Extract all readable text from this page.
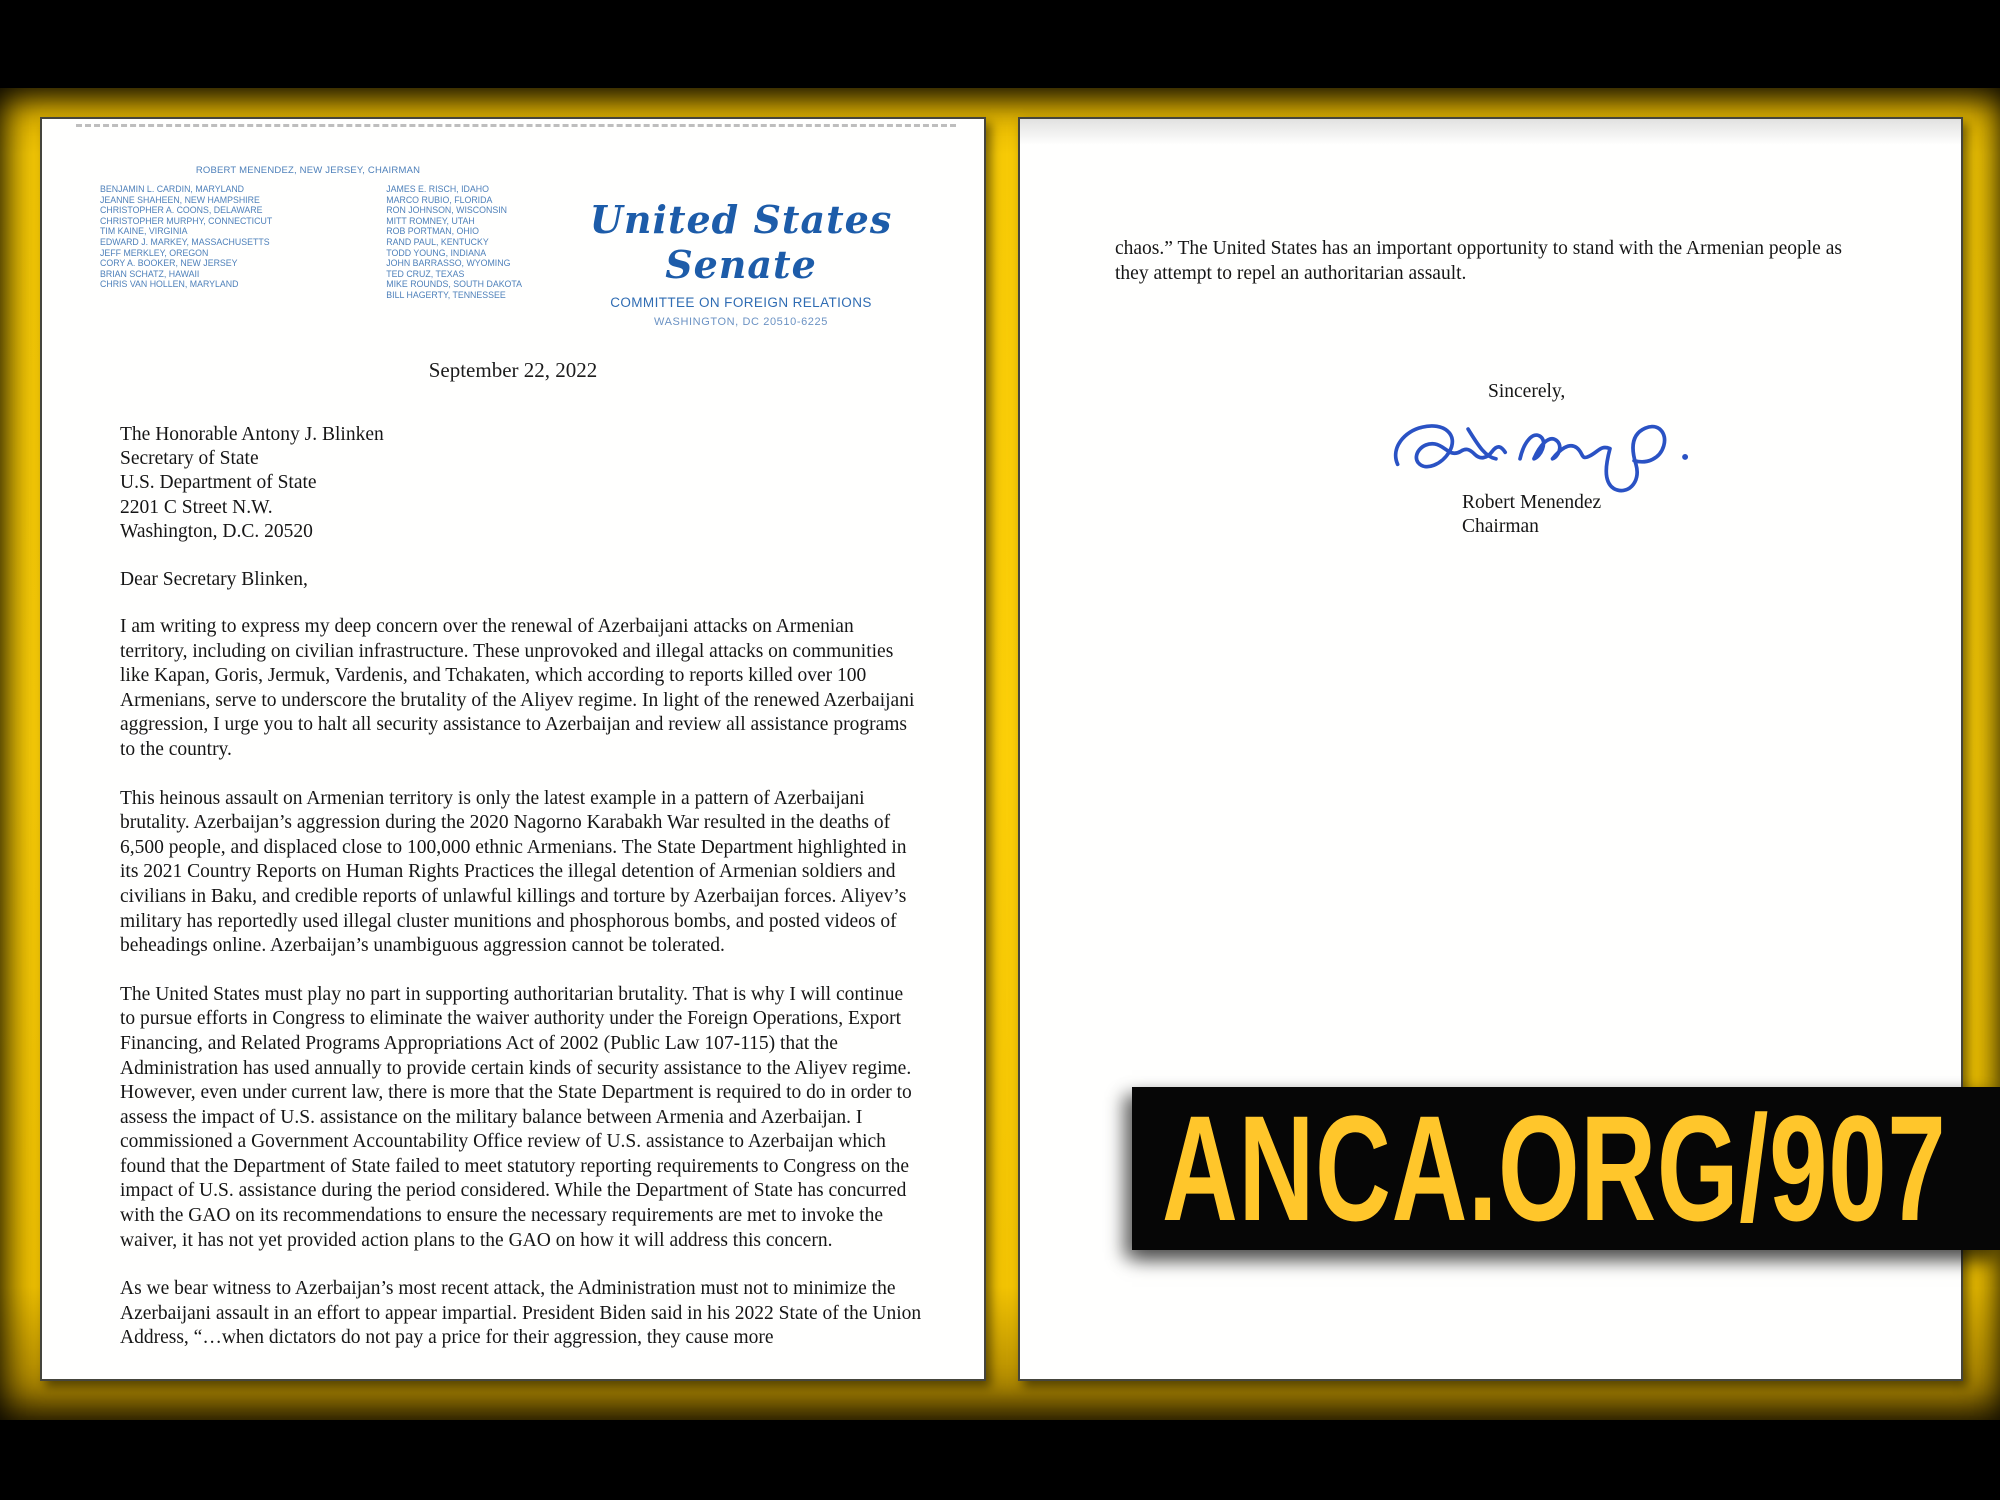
ROBERT MENENDEZ, NEW JERSEY, CHAIRMAN
BENJAMIN L. CARDIN, MARYLAND
JEANNE SHAHEEN, NEW HAMPSHIRE
CHRISTOPHER A. COONS, DELAWARE
CHRISTOPHER MURPHY, CONNECTICUT
TIM KAINE, VIRGINIA
EDWARD J. MARKEY, MASSACHUSETTS
JEFF MERKLEY, OREGON
CORY A. BOOKER, NEW JERSEY
BRIAN SCHATZ, HAWAII
CHRIS VAN HOLLEN, MARYLAND
JAMES E. RISCH, IDAHO
MARCO RUBIO, FLORIDA
RON JOHNSON, WISCONSIN
MITT ROMNEY, UTAH
ROB PORTMAN, OHIO
RAND PAUL, KENTUCKY
TODD YOUNG, INDIANA
JOHN BARRASSO, WYOMING
TED CRUZ, TEXAS
MIKE ROUNDS, SOUTH DAKOTA
BILL HAGERTY, TENNESSEE
United States Senate
COMMITTEE ON FOREIGN RELATIONS
WASHINGTON, DC 20510-6225
September 22, 2022
The Honorable Antony J. Blinken
Secretary of State
U.S. Department of State
2201 C Street N.W.
Washington, D.C. 20520
Dear Secretary Blinken,

I am writing to express my deep concern over the renewal of Azerbaijani attacks on Armenian territory, including on civilian infrastructure. These unprovoked and illegal attacks on communities like Kapan, Goris, Jermuk, Vardenis, and Tchakaten, which according to reports killed over 100 Armenians, serve to underscore the brutality of the Aliyev regime. In light of the renewed Azerbaijani aggression, I urge you to halt all security assistance to Azerbaijan and review all assistance programs to the country.

This heinous assault on Armenian territory is only the latest example in a pattern of Azerbaijani brutality. Azerbaijan’s aggression during the 2020 Nagorno Karabakh War resulted in the deaths of 6,500 people, and displaced close to 100,000 ethnic Armenians. The State Department highlighted in its 2021 Country Reports on Human Rights Practices the illegal detention of Armenian soldiers and civilians in Baku, and credible reports of unlawful killings and torture by Azerbaijan forces. Aliyev’s military has reportedly used illegal cluster munitions and phosphorous bombs, and posted videos of beheadings online. Azerbaijan’s unambiguous aggression cannot be tolerated.

The United States must play no part in supporting authoritarian brutality. That is why I will continue to pursue efforts in Congress to eliminate the waiver authority under the Foreign Operations, Export Financing, and Related Programs Appropriations Act of 2002 (Public Law 107-115) that the Administration has used annually to provide certain kinds of security assistance to the Aliyev regime. However, even under current law, there is more that the State Department is required to do in order to assess the impact of U.S. assistance on the military balance between Armenia and Azerbaijan. I commissioned a Government Accountability Office review of U.S. assistance to Azerbaijan which found that the Department of State failed to meet statutory reporting requirements to Congress on the impact of U.S. assistance during the period considered. While the Department of State has concurred with the GAO on its recommendations to ensure the necessary requirements are met to invoke the waiver, it has not yet provided action plans to the GAO on how it will address this concern.

As we bear witness to Azerbaijan’s most recent attack, the Administration must not to minimize the Azerbaijani assault in an effort to appear impartial. President Biden said in his 2022 State of the Union Address, “…when dictators do not pay a price for their aggression, they cause more

chaos.” The United States has an important opportunity to stand with the Armenian people as they attempt to repel an authoritarian assault.
Sincerely,
Robert Menendez
Chairman
ANCA.ORG/907
